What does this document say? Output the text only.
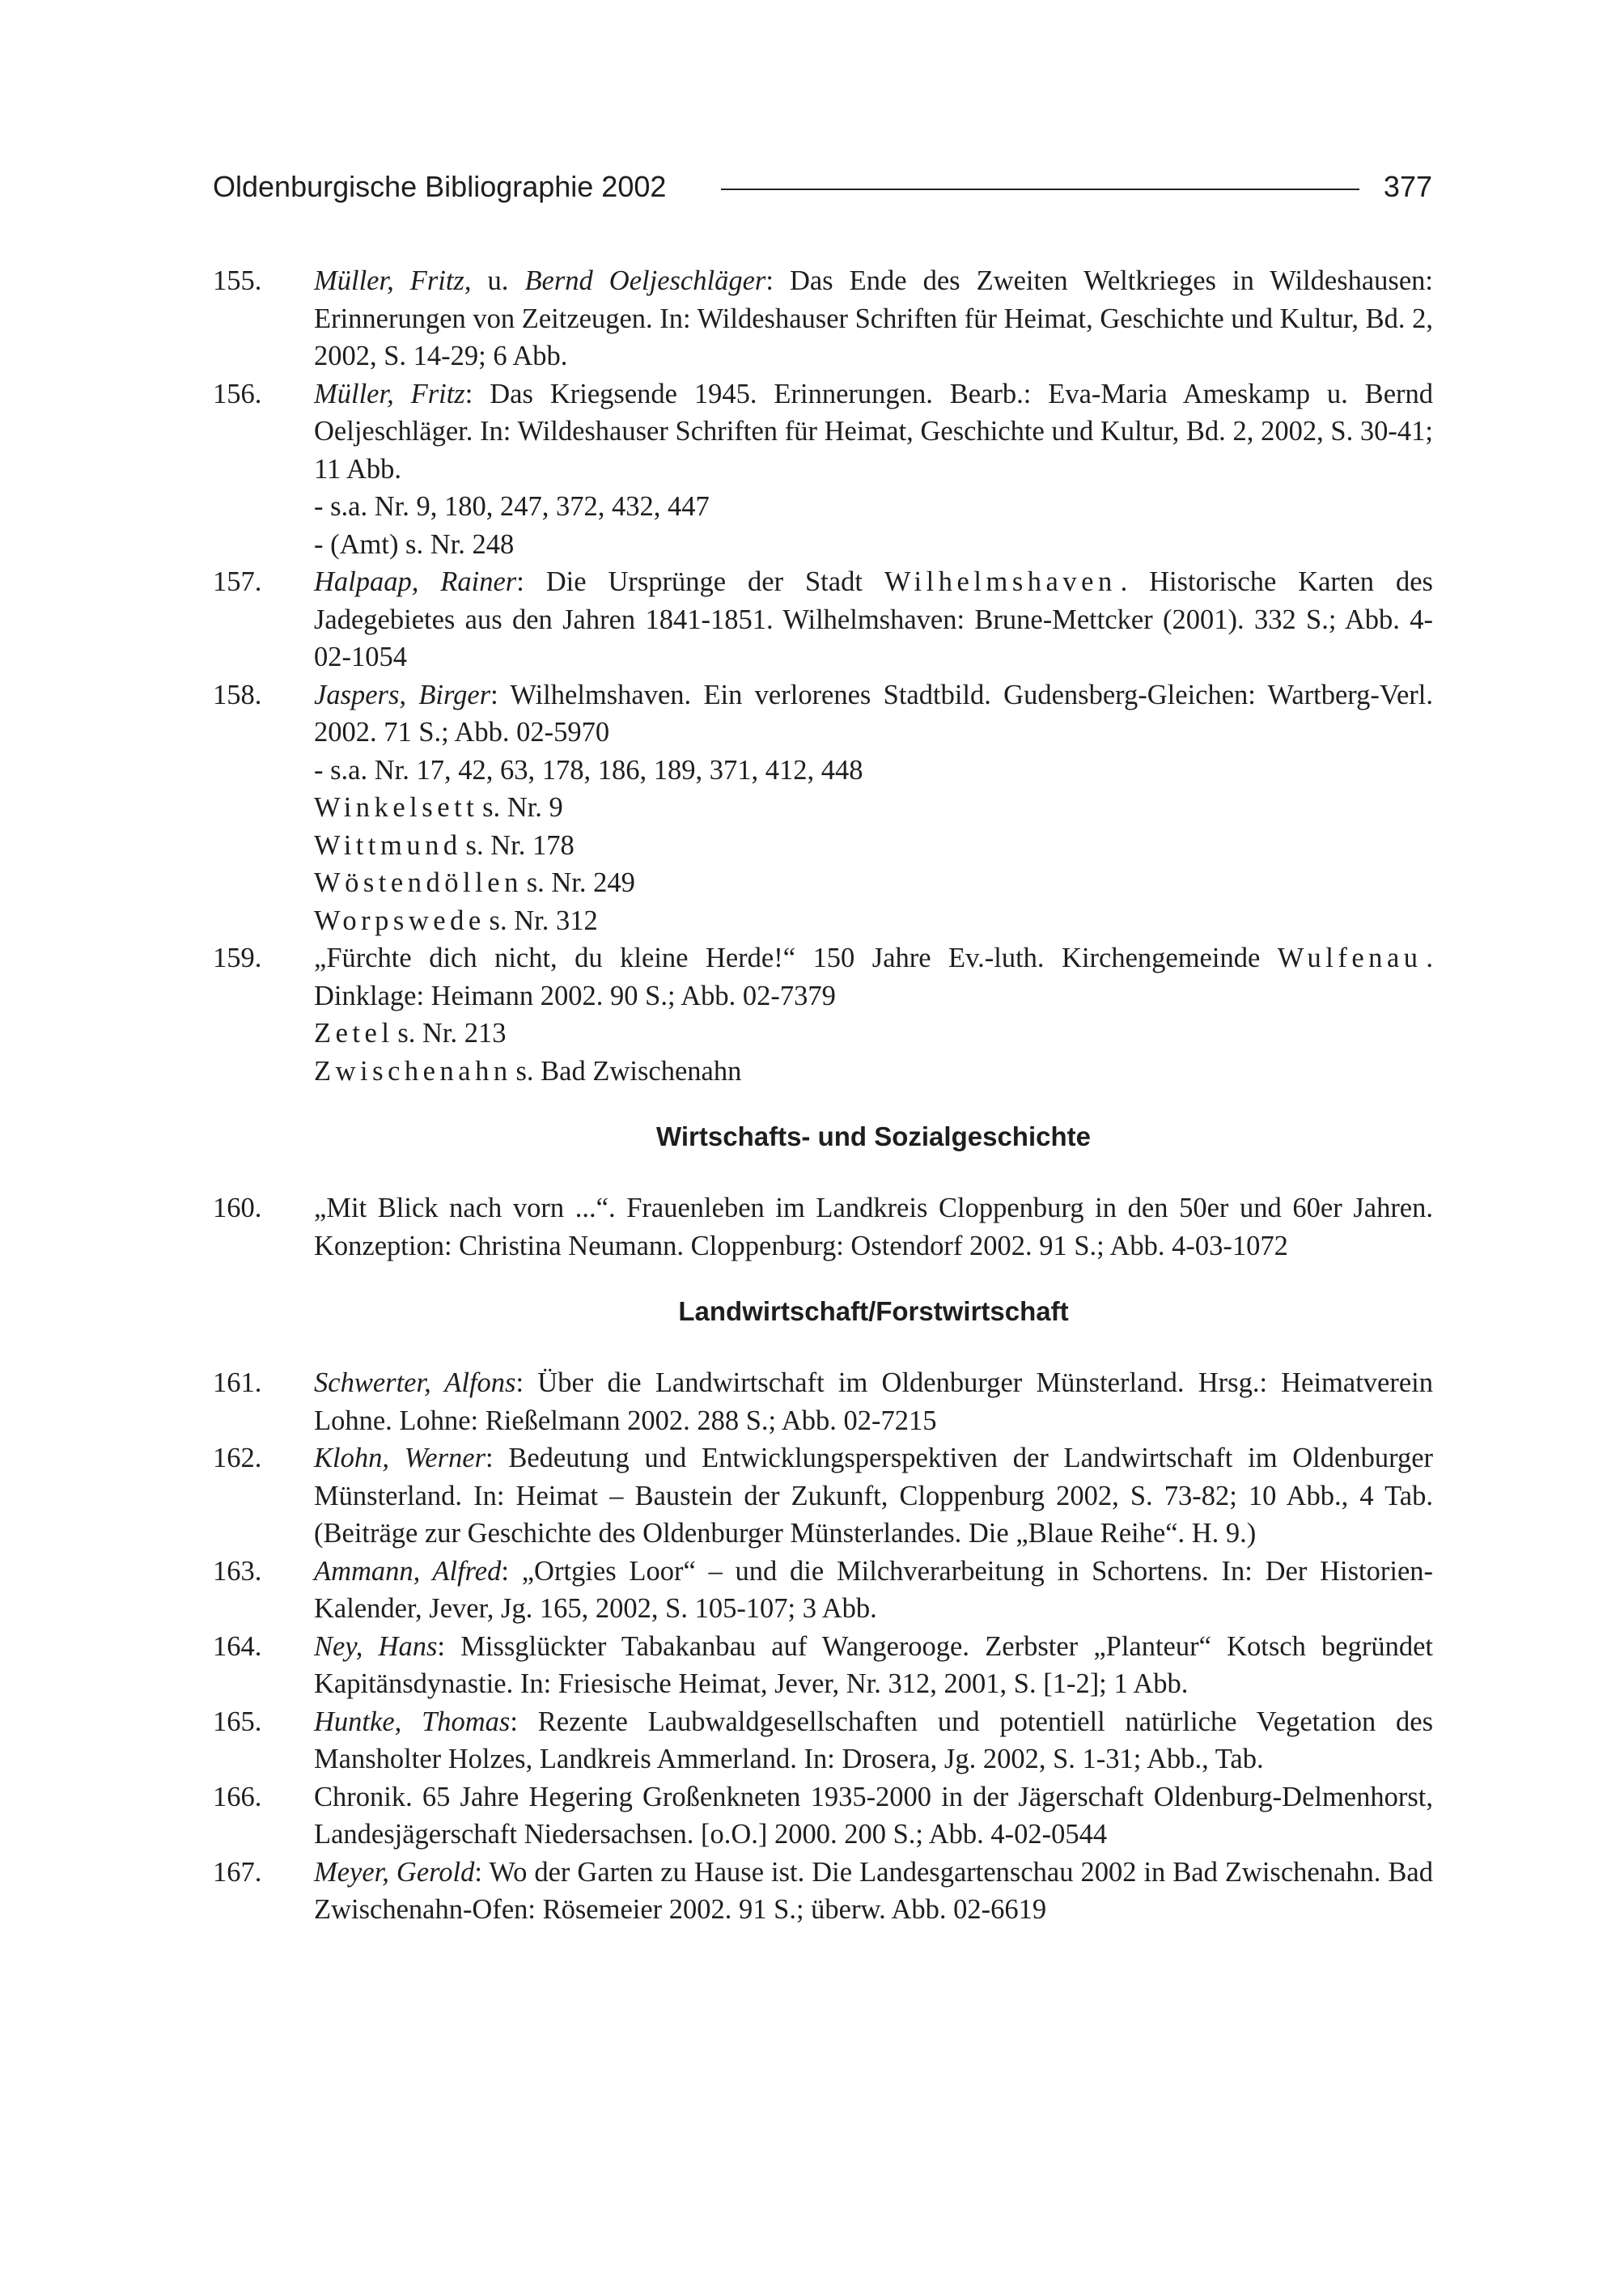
Oldenburgische Bibliographie 2002	377
155. Müller, Fritz, u. Bernd Oeljeschläger: Das Ende des Zweiten Weltkrieges in Wildeshausen: Erinnerungen von Zeitzeugen. In: Wildeshauser Schriften für Heimat, Geschichte und Kultur, Bd. 2, 2002, S. 14-29; 6 Abb.
156. Müller, Fritz: Das Kriegsende 1945. Erinnerungen. Bearb.: Eva-Maria Ameskamp u. Bernd Oeljeschläger. In: Wildeshauser Schriften für Heimat, Geschichte und Kultur, Bd. 2, 2002, S. 30-41; 11 Abb.
- s.a. Nr. 9, 180, 247, 372, 432, 447
- (Amt) s. Nr. 248
157. Halpaap, Rainer: Die Ursprünge der Stadt Wilhelmshaven . Historische Karten des Jadegebietes aus den Jahren 1841-1851. Wilhelmshaven: Brune-Mettcker (2001). 332 S.; Abb. 4-02-1054
158. Jaspers, Birger: Wilhelmshaven. Ein verlorenes Stadtbild. Gudensberg-Gleichen: Wartberg-Verl. 2002. 71 S.; Abb. 02-5970
- s.a. Nr. 17, 42, 63, 178, 186, 189, 371, 412, 448
Winkelsett s. Nr. 9
Wittmund s. Nr. 178
Wöstendöllen s. Nr. 249
Worpswede s. Nr. 312
159. „Fürchte dich nicht, du kleine Herde!“ 150 Jahre Ev.-luth. Kirchengemeinde Wulfenau . Dinklage: Heimann 2002. 90 S.; Abb. 02-7379
Zetel s. Nr. 213
Zwischenahn s. Bad Zwischenahn
Wirtschafts- und Sozialgeschichte
160. „Mit Blick nach vorn ...“. Frauenleben im Landkreis Cloppenburg in den 50er und 60er Jahren. Konzeption: Christina Neumann. Cloppenburg: Ostendorf 2002. 91 S.; Abb. 4-03-1072
Landwirtschaft/Forstwirtschaft
161. Schwerter, Alfons: Über die Landwirtschaft im Oldenburger Münsterland. Hrsg.: Heimatverein Lohne. Lohne: Rießelmann 2002. 288 S.; Abb. 02-7215
162. Klohn, Werner: Bedeutung und Entwicklungsperspektiven der Landwirtschaft im Oldenburger Münsterland. In: Heimat – Baustein der Zukunft, Cloppenburg 2002, S. 73-82; 10 Abb., 4 Tab. (Beiträge zur Geschichte des Oldenburger Münsterlandes. Die „Blaue Reihe“. H. 9.)
163. Ammann, Alfred: „Ortgies Loor“ – und die Milchverarbeitung in Schortens. In: Der Historien-Kalender, Jever, Jg. 165, 2002, S. 105-107; 3 Abb.
164. Ney, Hans: Missglückter Tabakanbau auf Wangerooge. Zerbster „Planteur“ Kotsch begründet Kapitänsdynastie. In: Friesische Heimat, Jever, Nr. 312, 2001, S. [1-2]; 1 Abb.
165. Huntke, Thomas: Rezente Laubwaldgesellschaften und potentiell natürliche Vegetation des Mansholter Holzes, Landkreis Ammerland. In: Drosera, Jg. 2002, S. 1-31; Abb., Tab.
166. Chronik. 65 Jahre Hegering Großenkneten 1935-2000 in der Jägerschaft Oldenburg-Delmenhorst, Landesjägerschaft Niedersachsen. [o.O.] 2000. 200 S.; Abb. 4-02-0544
167. Meyer, Gerold: Wo der Garten zu Hause ist. Die Landesgartenschau 2002 in Bad Zwischenahn. Bad Zwischenahn-Ofen: Rösemeier 2002. 91 S.; überw. Abb. 02-6619
